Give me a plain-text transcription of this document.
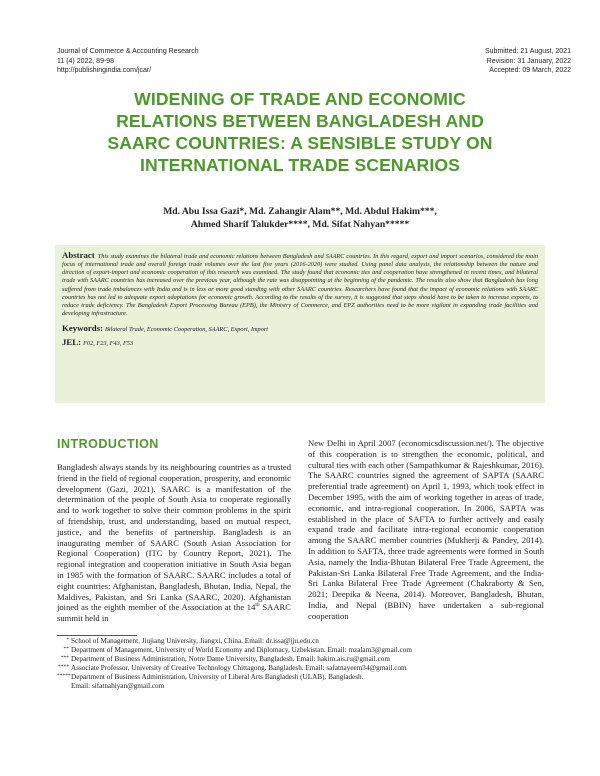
Journal of Commerce & Accounting Research
11 (4) 2022, 89-98
http://publishingindia.com/jcar/
Submitted: 21 August, 2021
Revision: 31 January, 2022
Accepted: 09 March, 2022
WIDENING OF TRADE AND ECONOMIC
RELATIONS BETWEEN BANGLADESH AND
SAARC COUNTRIES: A SENSIBLE STUDY ON
INTERNATIONAL TRADE SCENARIOS
Md. Abu Issa Gazi*, Md. Zahangir Alam**, Md. Abdul Hakim***,
Ahmed Sharif Talukder****, Md. Sifat Nahyan*****

Abstract This study examines the bilateral trade and economic relations between Bangladesh and SAARC countries. In this regard, export and import scenarios, considered the main focus of international trade and overall foreign trade volumes over the last five years (2016-2020) were studied. Using panel data analysis, the relationship between the nature and direction of export-import and economic cooperation of this research was examined. The study found that economic ties and cooperation have strengthened in recent times, and bilateral trade with SAARC countries has increased over the previous year, although the rate was disappointing at the beginning of the pandemic. The results also show that Bangladesh has long suffered from trade imbalances with India and is in less or more good standing with other SAARC countries. Researchers have found that the impact of economic relations with SAARC countries has not led to adequate export adaptations for economic growth. According to the results of the survey, it is suggested that steps should have to be taken to increase exports, to reduce trade deficiency. The Bangladesh Export Processing Bureau (EPB), the Ministry of Commerce, and EPZ authorities need to be more vigilant in expanding trade facilities and developing infrastructure.

Keywords: Bilateral Trade, Economic Cooperation, SAARC, Export, Import

JEL: F02, F23, F43, F53

INTRODUCTION

Bangladesh always stands by its neighbouring countries as a trusted friend in the field of regional cooperation, prosperity, and economic development (Gazi, 2021). SAARC is a manifestation of the determination of the people of South Asia to cooperate regionally and to work together to solve their common problems in the spirit of friendship, trust, and understanding, based on mutual respect, justice, and the benefits of partnership. Bangladesh is an inaugurating member of SAARC (South Asian Association for Regional Cooperation) (ITC by Country Report, 2021). The regional integration and cooperation initiative in South Asia began in 1985 with the formation of SAARC. SAARC includes a total of eight countries: Afghanistan, Bangladesh, Bhutan, India, Nepal, the Maldives, Pakistan, and Sri Lanka (SAARC, 2020). Afghanistan joined as the eighth member of the Association at the 14th SAARC summit held in

New Delhi in April 2007 (economicsdiscussion.net/). The objective of this cooperation is to strengthen the economic, political, and cultural ties with each other (Sampathkumar & Rajeshkumar, 2016). The SAARC countries signed the agreement of SAPTA (SAARC preferential trade agreement) on April 1, 1993, which took effect in December 1995, with the aim of working together in areas of trade, economic, and intra-regional cooperation. In 2006, SAPTA was established in the place of SAFTA to further actively and easily expand trade and facilitate intra-regional economic cooperation among the SAARC member countries (Mukherji & Pandey, 2014). In addition to SAFTA, three trade agreements were formed in South Asia, namely the India-Bhutan Bilateral Free Trade Agreement, the Pakistan-Sri Lanka Bilateral Free Trade Agreement, and the India-Sri Lanka Bilateral Free Trade Agreement (Chakraborty & Sen, 2021; Deepika & Neena, 2014). Moreover, Bangladesh, Bhutan, India, and Nepal (BBIN) have undertaken a sub-regional cooperation

* School of Management, Jiujiang University, Jiangxi, China. Email: dr.issa@jju.edu.cn
** Department of Management, University of World Economy and Diplomacy, Uzbekistan. Email: mzalam3@gmail.com
*** Department of Business Administration, Notre Dame University, Bangladesh. Email: hakim.ais.ru@gmail.com
**** Associate Professor, University of Creative Technology Chittagong, Bangladesh. Email: safatnayeem34@gmail.com
***** Department of Business Administration, University of Liberal Arts Bangladesh (ULAB), Bangladesh.
Email: sifatnahiyan@gmail.com
